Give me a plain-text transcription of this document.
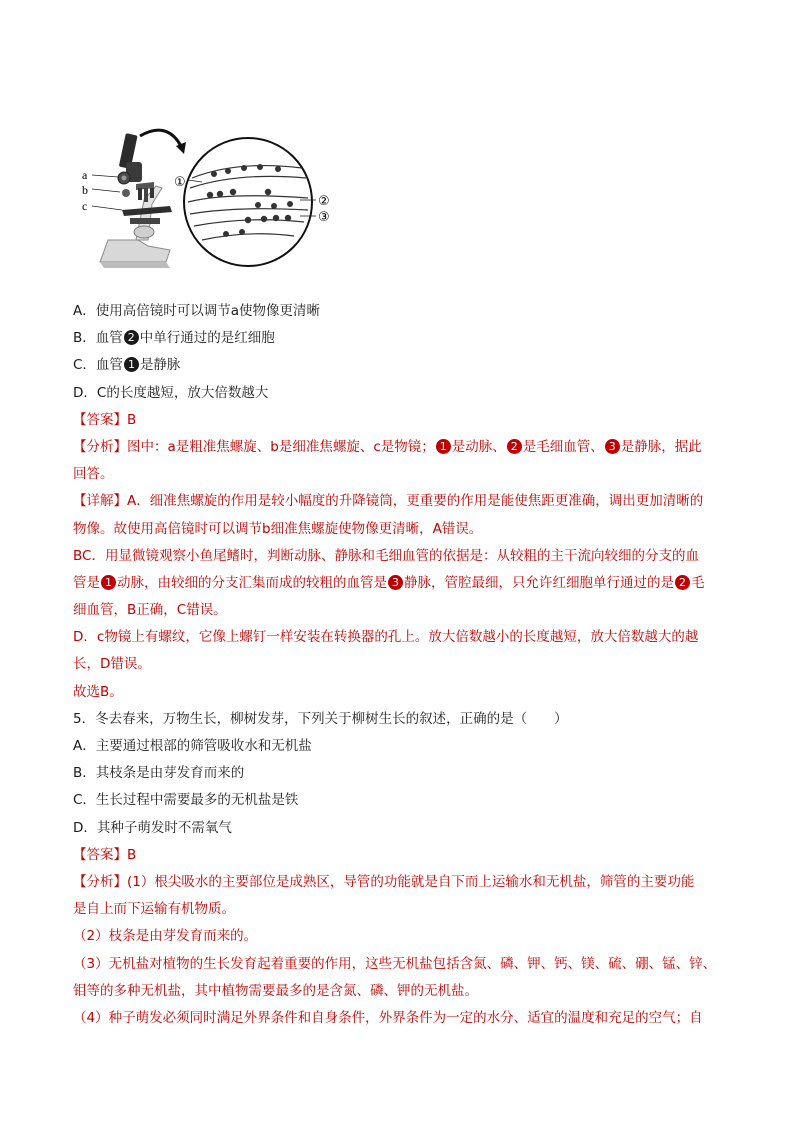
a
b
c
①
②
③
A．使用高倍镜时可以调节a使物像更清晰
B．血管 2 中单行通过的是红细胞
C．血管 1 是静脉
D．C的长度越短，放大倍数越大
【答案】B
【分析】图中：a是粗准焦螺旋、b是细准焦螺旋、c是物镜； 1 是动脉、 2 是毛细血管、 3 是静脉，据此
回答。
【详解】A．细准焦螺旋的作用是较小幅度的升降镜筒，更重要的作用是能使焦距更准确，调出更加清晰的
物像。故使用高倍镜时可以调节b细准焦螺旋使物像更清晰，A错误。
BC．用显微镜观察小鱼尾鳍时，判断动脉、静脉和毛细血管的依据是：从较粗的主干流向较细的分支的血
管是 1 动脉，由较细的分支汇集而成的较粗的血管是 3 静脉，管腔最细，只允许红细胞单行通过的是 2 毛
细血管，B正确，C错误。
D．c物镜上有螺纹，它像上螺钉一样安装在转换器的孔上。放大倍数越小的长度越短，放大倍数越大的越
长，D错误。
故选B。
5．冬去春来，万物生长，柳树发芽，下列关于柳树生长的叙述，正确的是（　　）
A．主要通过根部的筛管吸收水和无机盐
B．其枝条是由芽发育而来的
C．生长过程中需要最多的无机盐是铁
D．其种子萌发时不需氧气
【答案】B
【分析】(1）根尖吸水的主要部位是成熟区，导管的功能就是自下而上运输水和无机盐，筛管的主要功能
是自上而下运输有机物质。
（2）枝条是由芽发育而来的。
（3）无机盐对植物的生长发育起着重要的作用，这些无机盐包括含氮、磷、钾、钙、镁、硫、硼、锰、锌、
钼等的多种无机盐，其中植物需要最多的是含氮、磷、钾的无机盐。
（4）种子萌发必须同时满足外界条件和自身条件，外界条件为一定的水分、适宜的温度和充足的空气；自
